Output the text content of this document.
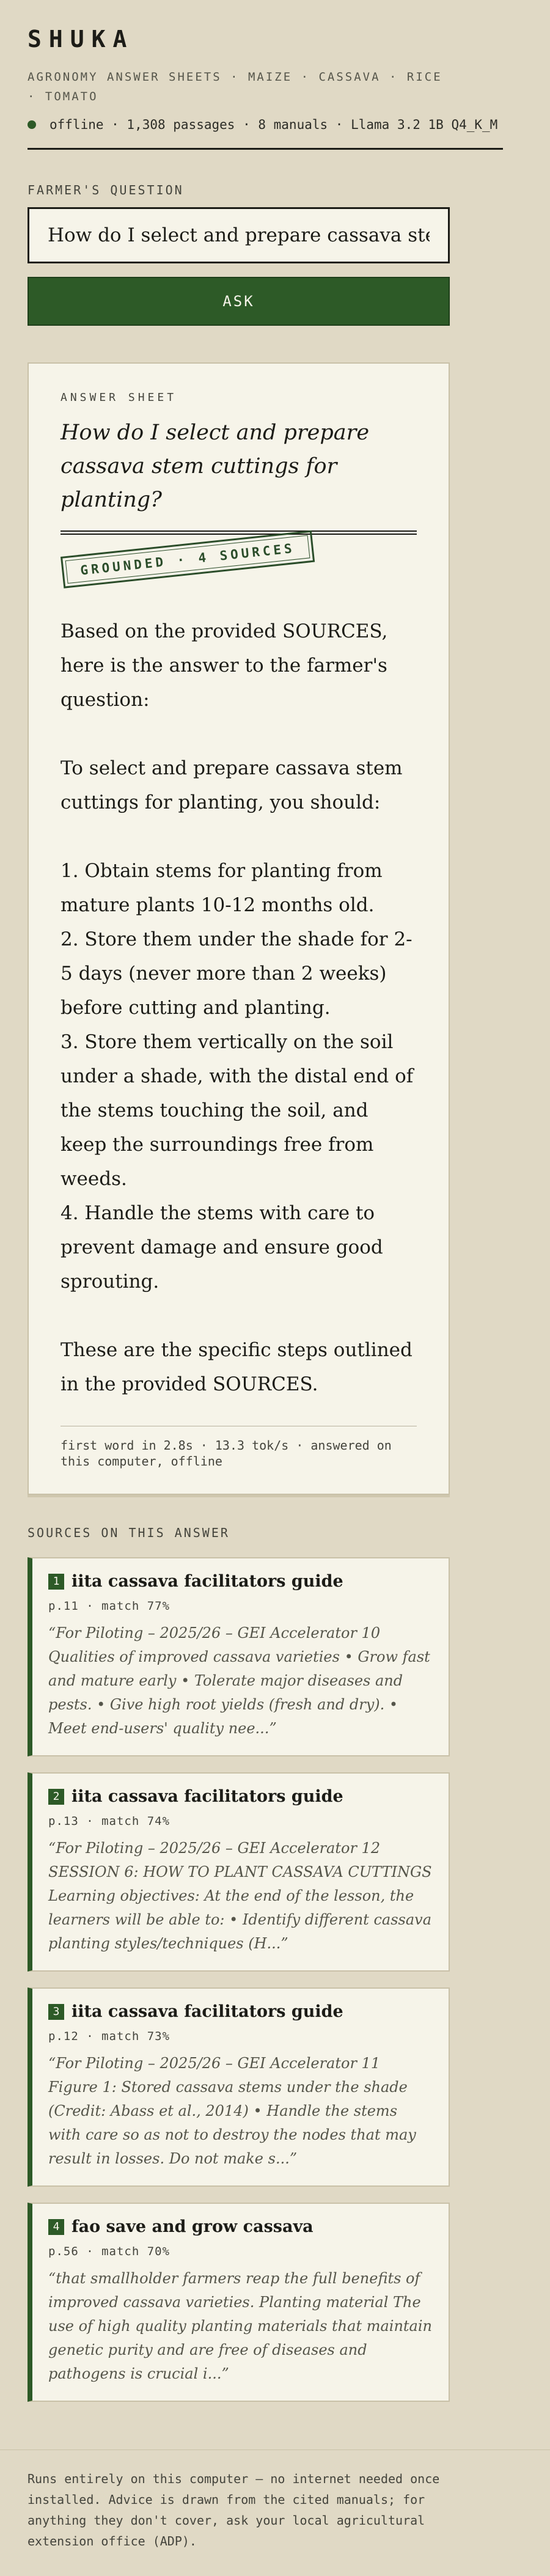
SHUKA
AGRONOMY ANSWER SHEETS · MAIZE · CASSAVA · RICE · TOMATO
offline · 1,308 passages · 8 manuals · Llama 3.2 1B Q4_K_M
FARMER'S QUESTION
How do I select and prepare cassava stem cuttings for planting?
ASK
ANSWER SHEET
How do I select and prepare cassava stem cuttings for planting?
GROUNDED · 4 SOURCES

Based on the provided SOURCES, here is the answer to the farmer's question:

To select and prepare cassava stem cuttings for planting, you should:

1. Obtain stems for planting from mature plants 10-12 months old.

2. Store them under the shade for 2-5 days (never more than 2 weeks) before cutting and planting.

3. Store them vertically on the soil under a shade, with the distal end of the stems touching the soil, and keep the surroundings free from weeds.

4. Handle the stems with care to prevent damage and ensure good sprouting.

These are the specific steps outlined in the provided SOURCES.

first word in 2.8s · 13.3 tok/s · answered on this computer, offline
SOURCES ON THIS ANSWER
1 iita cassava facilitators guide
p.11 · match 77%
“For Piloting – 2025/26 – GEI Accelerator 10 Qualities of improved cassava varieties • Grow fast and mature early • Tolerate major diseases and pests. • Give high root yields (fresh and dry). • Meet end-users' quality nee...”
2 iita cassava facilitators guide
p.13 · match 74%
“For Piloting – 2025/26 – GEI Accelerator 12 SESSION 6: HOW TO PLANT CASSAVA CUTTINGS Learning objectives: At the end of the lesson, the learners will be able to: • Identify different cassava planting styles/techniques (H...”
3 iita cassava facilitators guide
p.12 · match 73%
“For Piloting – 2025/26 – GEI Accelerator 11 Figure 1: Stored cassava stems under the shade (Credit: Abass et al., 2014) • Handle the stems with care so as not to destroy the nodes that may result in losses. Do not make s...”
4 fao save and grow cassava
p.56 · match 70%
“that smallholder farmers reap the full benefits of improved cassava varieties. Planting material The use of high quality planting materials that maintain genetic purity and are free of diseases and pathogens is crucial i...”
Runs entirely on this computer — no internet needed once installed. Advice is drawn from the cited manuals; for anything they don't cover, ask your local agricultural extension office (ADP).
